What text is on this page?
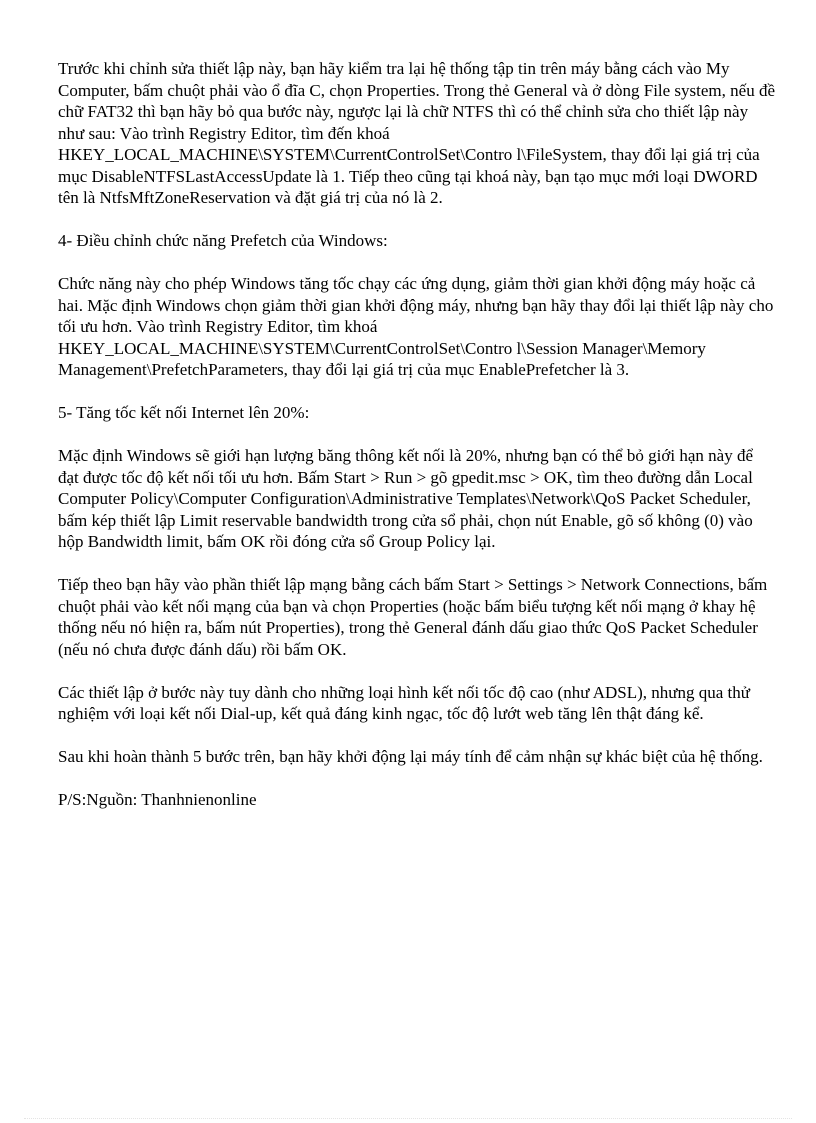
Trước khi chỉnh sửa thiết lập này, bạn hãy kiểm tra lại hệ thống tập tin trên máy bằng cách vào My Computer, bấm chuột phải vào ổ đĩa C, chọn Properties. Trong thẻ General và ở dòng File system, nếu đề chữ FAT32 thì bạn hãy bỏ qua bước này, ngược lại là chữ NTFS thì có thể chỉnh sửa cho thiết lập này như sau: Vào trình Registry Editor, tìm đến khoá HKEY_LOCAL_MACHINE\SYSTEM\CurrentControlSet\Contro l\FileSystem, thay đổi lại giá trị của mục DisableNTFSLastAccessUpdate là 1. Tiếp theo cũng tại khoá này, bạn tạo mục mới loại DWORD tên là NtfsMftZoneReservation và đặt giá trị của nó là 2.

4- Điều chỉnh chức năng Prefetch của Windows:

Chức năng này cho phép Windows tăng tốc chạy các ứng dụng, giảm thời gian khởi động máy hoặc cả hai. Mặc định Windows chọn giảm thời gian khởi động máy, nhưng bạn hãy thay đổi lại thiết lập này cho tối ưu hơn. Vào trình Registry Editor, tìm khoá HKEY_LOCAL_MACHINE\SYSTEM\CurrentControlSet\Contro l\Session Manager\Memory Management\PrefetchParameters, thay đổi lại giá trị của mục EnablePrefetcher là 3.

5- Tăng tốc kết nối Internet lên 20%:

Mặc định Windows sẽ giới hạn lượng băng thông kết nối là 20%, nhưng bạn có thể bỏ giới hạn này để đạt được tốc độ kết nối tối ưu hơn. Bấm Start > Run > gõ gpedit.msc > OK, tìm theo đường dẫn Local Computer Policy\Computer Configuration\Administrative Templates\Network\QoS Packet Scheduler, bấm kép thiết lập Limit reservable bandwidth trong cửa sổ phải, chọn nút Enable, gõ số không (0) vào hộp Bandwidth limit, bấm OK rồi đóng cửa sổ Group Policy lại.

Tiếp theo bạn hãy vào phần thiết lập mạng bằng cách bấm Start > Settings > Network Connections, bấm chuột phải vào kết nối mạng của bạn và chọn Properties (hoặc bấm biểu tượng kết nối mạng ở khay hệ thống nếu nó hiện ra, bấm nút Properties), trong thẻ General đánh dấu giao thức QoS Packet Scheduler (nếu nó chưa được đánh dấu) rồi bấm OK.

Các thiết lập ở bước này tuy dành cho những loại hình kết nối tốc độ cao (như ADSL), nhưng qua thử nghiệm với loại kết nối Dial-up, kết quả đáng kinh ngạc, tốc độ lướt web tăng lên thật đáng kể.

Sau khi hoàn thành 5 bước trên, bạn hãy khởi động lại máy tính để cảm nhận sự khác biệt của hệ thống.

P/S:Nguồn: Thanhnienonline
